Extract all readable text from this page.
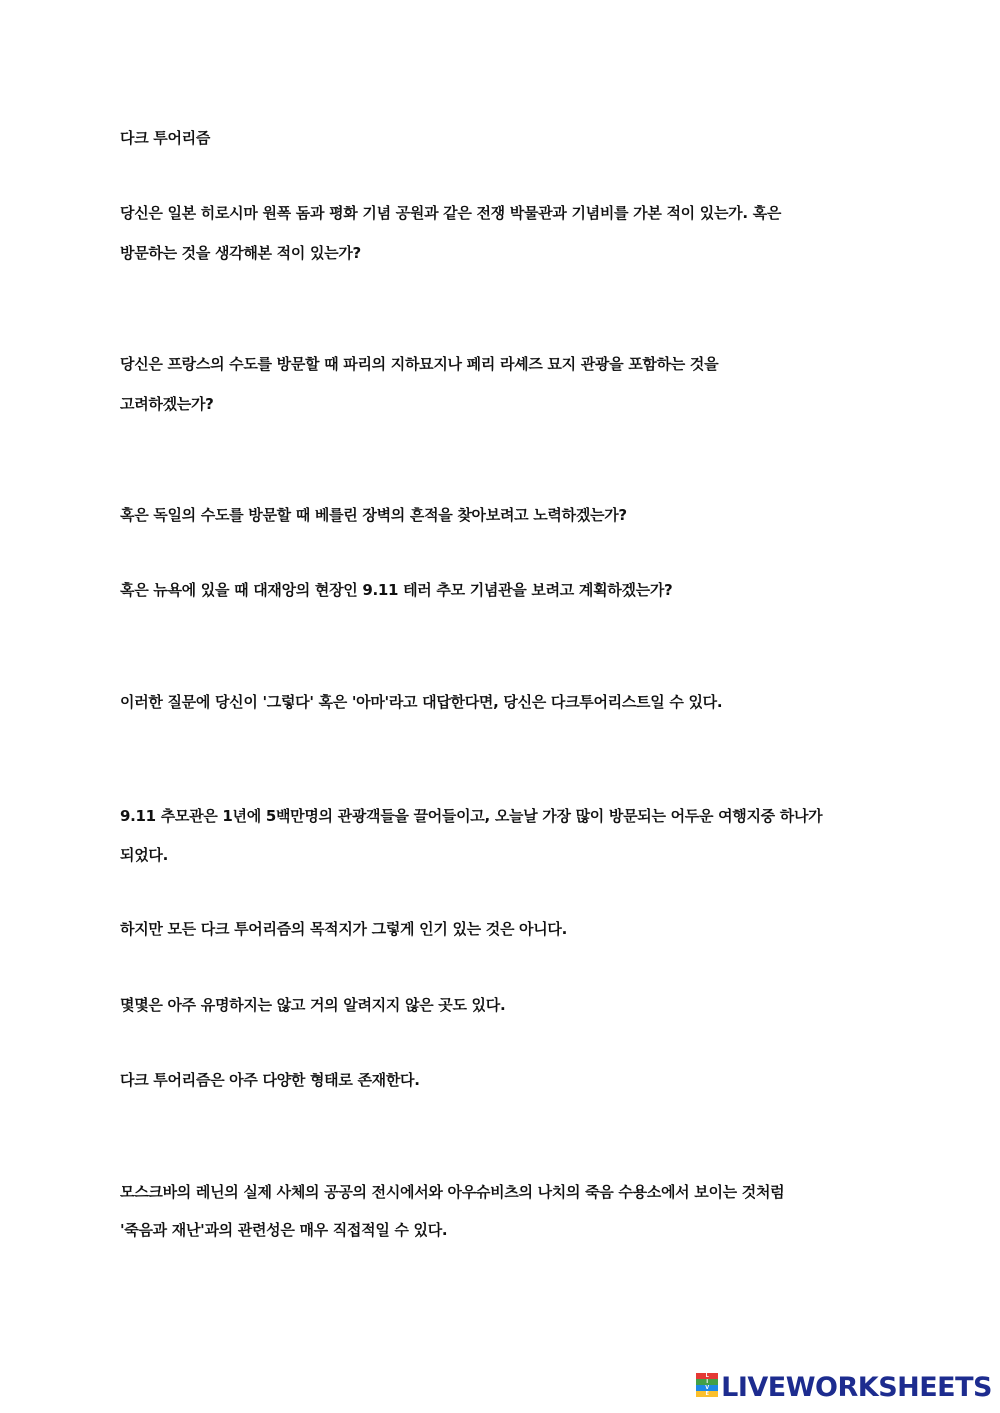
다크 투어리즘
당신은 일본 히로시마 원폭 돔과 평화 기념 공원과 같은 전쟁 박물관과 기념비를 가본 적이 있는가. 혹은
방문하는 것을 생각해본 적이 있는가?
당신은 프랑스의 수도를 방문할 때 파리의 지하묘지나 페리 라셰즈 묘지 관광을 포함하는 것을
고려하겠는가?
혹은 독일의 수도를 방문할 때 베를린 장벽의 흔적을 찾아보려고 노력하겠는가?
혹은 뉴욕에 있을 때 대재앙의 현장인 9.11 테러 추모 기념관을 보려고 계획하겠는가?
이러한 질문에 당신이 '그렇다' 혹은 '아마'라고 대답한다면, 당신은 다크투어리스트일 수 있다.
9.11 추모관은 1년에 5백만명의 관광객들을 끌어들이고, 오늘날 가장 많이 방문되는 어두운 여행지중 하나가
되었다.
하지만 모든 다크 투어리즘의 목적지가 그렇게 인기 있는 것은 아니다.
몇몇은 아주 유명하지는 않고 거의 알려지지 않은 곳도 있다.
다크 투어리즘은 아주 다양한 형태로 존재한다.
모스크바의 레닌의 실제 사체의 공공의 전시에서와 아우슈비츠의 나치의 죽음 수용소에서 보이는 것처럼
'죽음과 재난'과의 관련성은 매우 직접적일 수 있다.
L
I
V
E LIVEWORKSHEETS
